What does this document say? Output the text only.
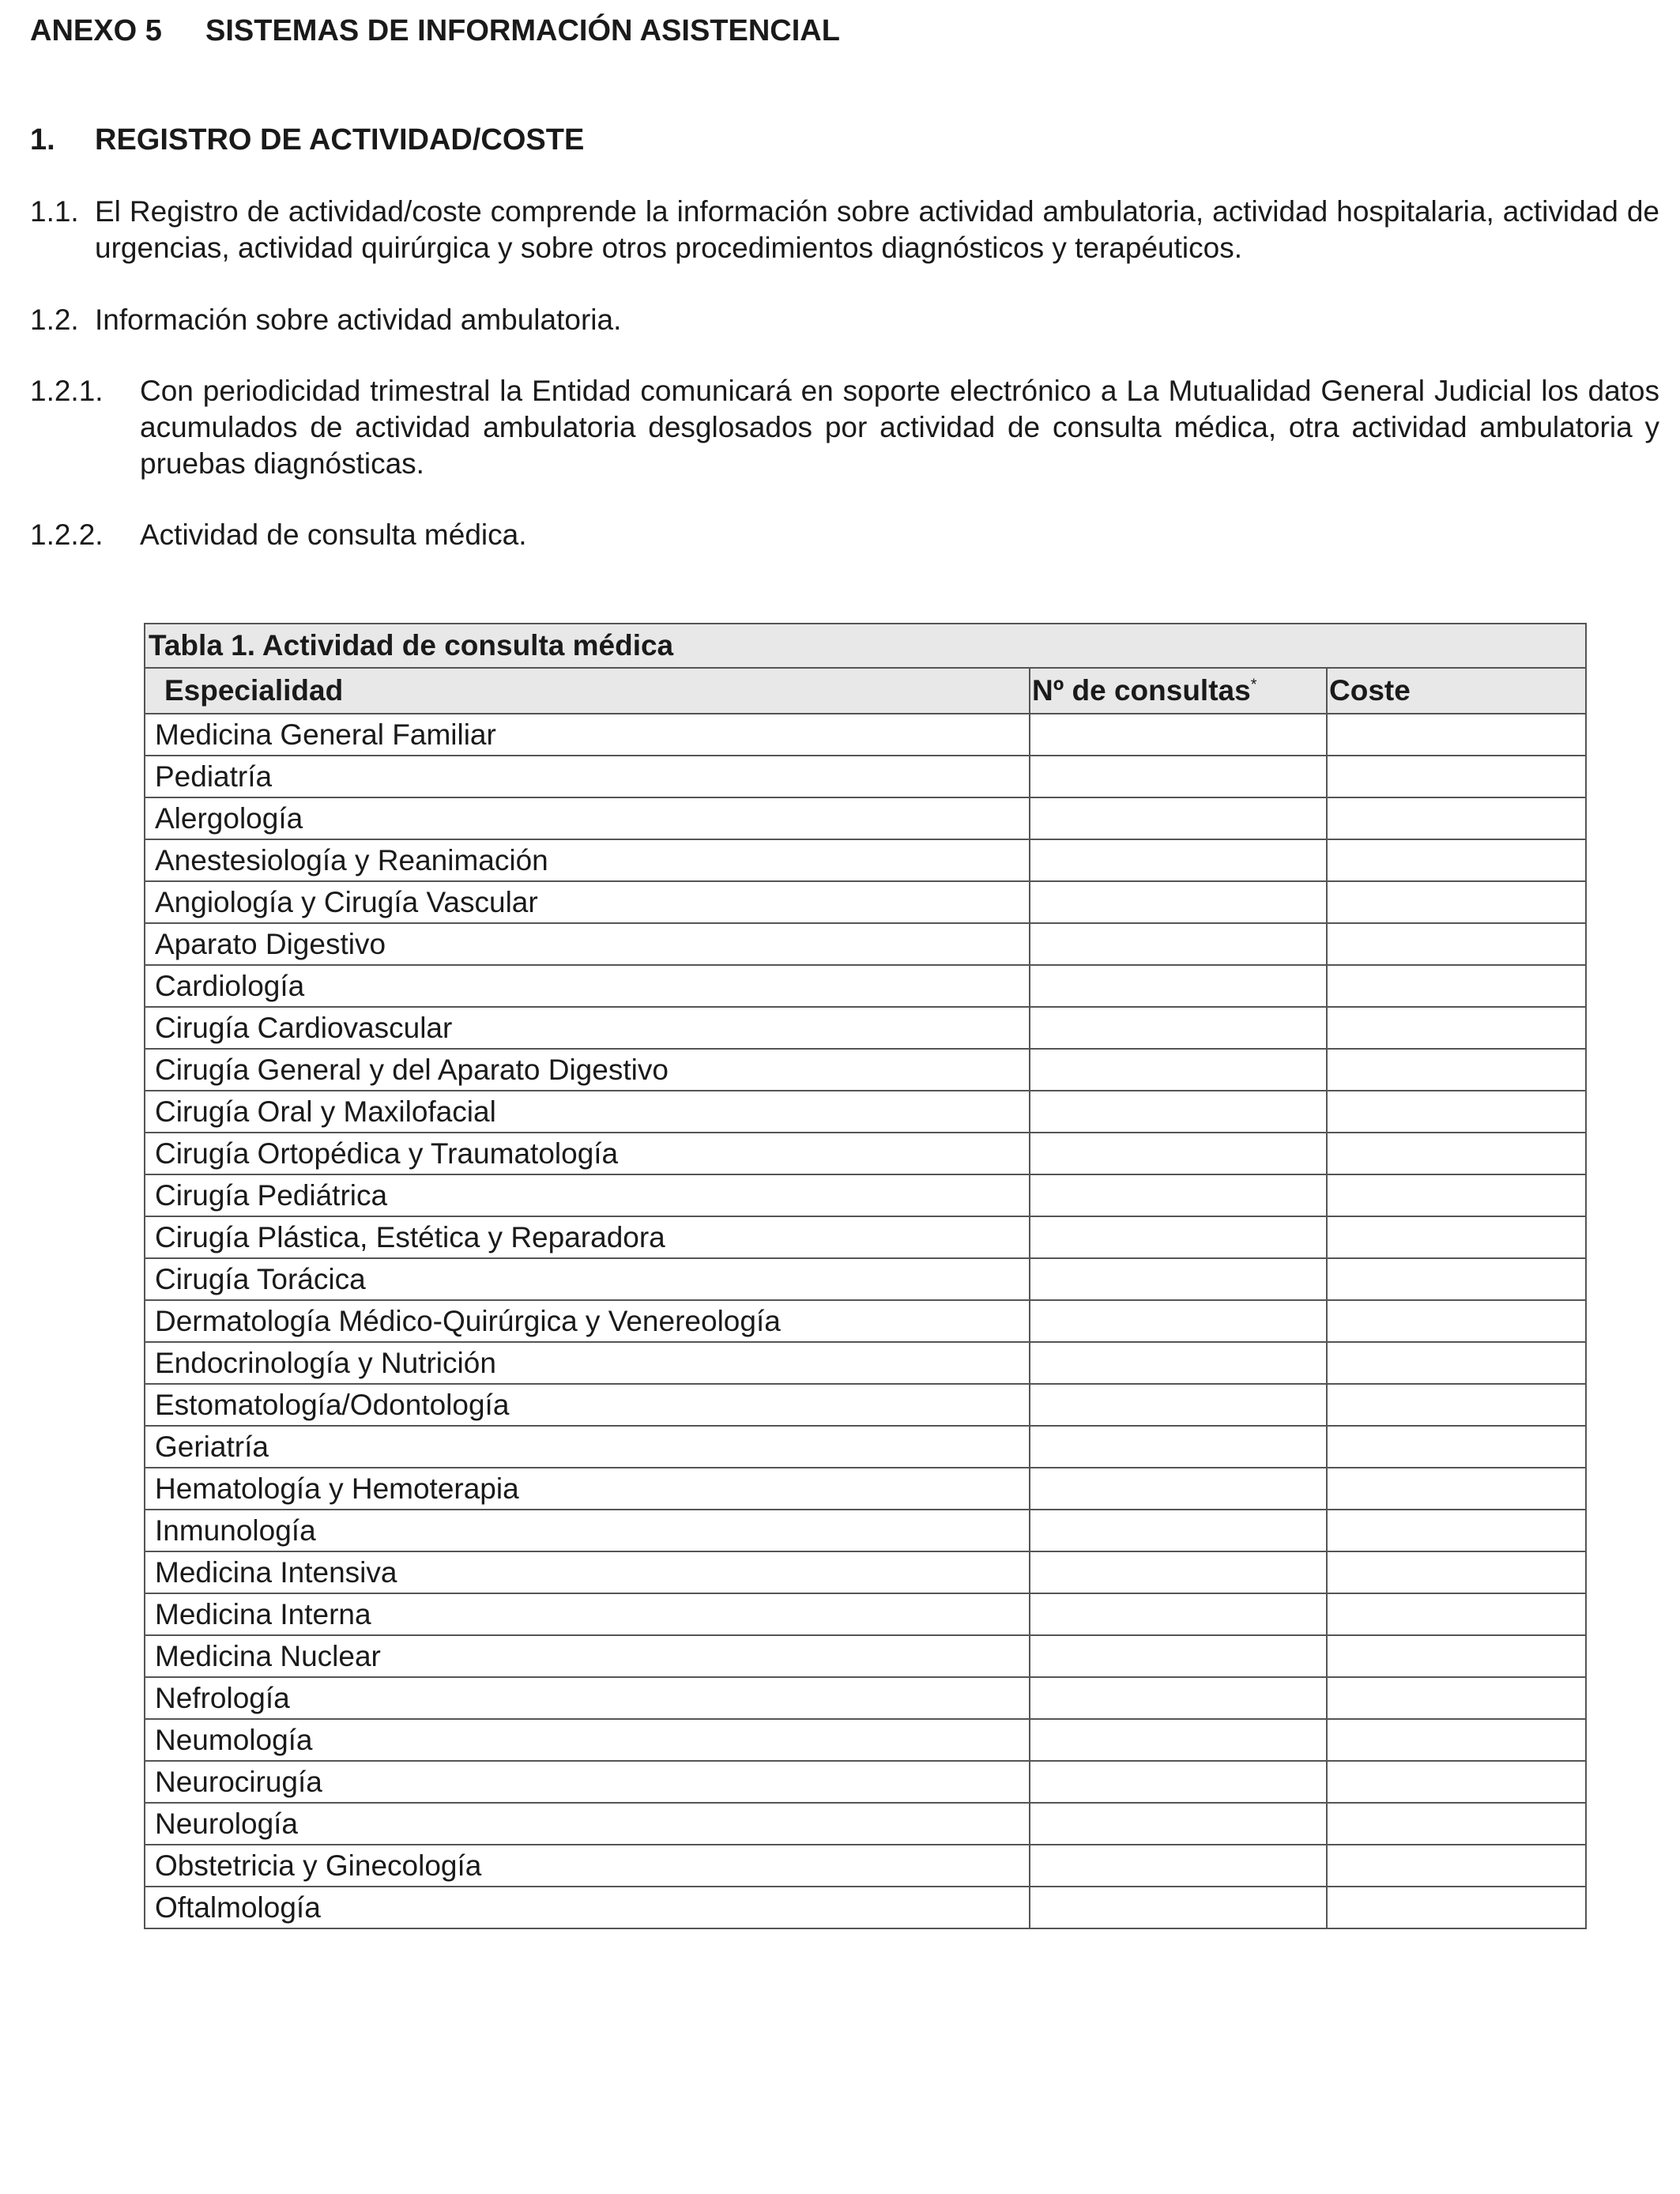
ANEXO 5 SISTEMAS DE INFORMACIÓN ASISTENCIAL
1. REGISTRO DE ACTIVIDAD/COSTE
1.1. El Registro de actividad/coste comprende la información sobre actividad ambulatoria, actividad hospitalaria, actividad de urgencias, actividad quirúrgica y sobre otros procedimientos diagnósticos y terapéuticos.
1.2. Información sobre actividad ambulatoria.
1.2.1. Con periodicidad trimestral la Entidad comunicará en soporte electrónico a La Mutualidad General Judicial los datos acumulados de actividad ambulatoria desglosados por actividad de consulta médica, otra actividad ambulatoria y pruebas diagnósticas.
1.2.2. Actividad de consulta médica.
Tabla 1. Actividad de consulta médica		
Especialidad	Nº de consultas*	Coste
Medicina General Familiar		
Pediatría		
Alergología		
Anestesiología y Reanimación		
Angiología y Cirugía Vascular		
Aparato Digestivo		
Cardiología		
Cirugía Cardiovascular		
Cirugía General y del Aparato Digestivo		
Cirugía Oral y Maxilofacial		
Cirugía Ortopédica y Traumatología		
Cirugía Pediátrica		
Cirugía Plástica, Estética y Reparadora		
Cirugía Torácica		
Dermatología Médico-Quirúrgica y Venereología		
Endocrinología y Nutrición		
Estomatología/Odontología		
Geriatría		
Hematología y Hemoterapia		
Inmunología		
Medicina Intensiva		
Medicina Interna		
Medicina Nuclear		
Nefrología		
Neumología		
Neurocirugía		
Neurología		
Obstetricia y Ginecología		
Oftalmología		
